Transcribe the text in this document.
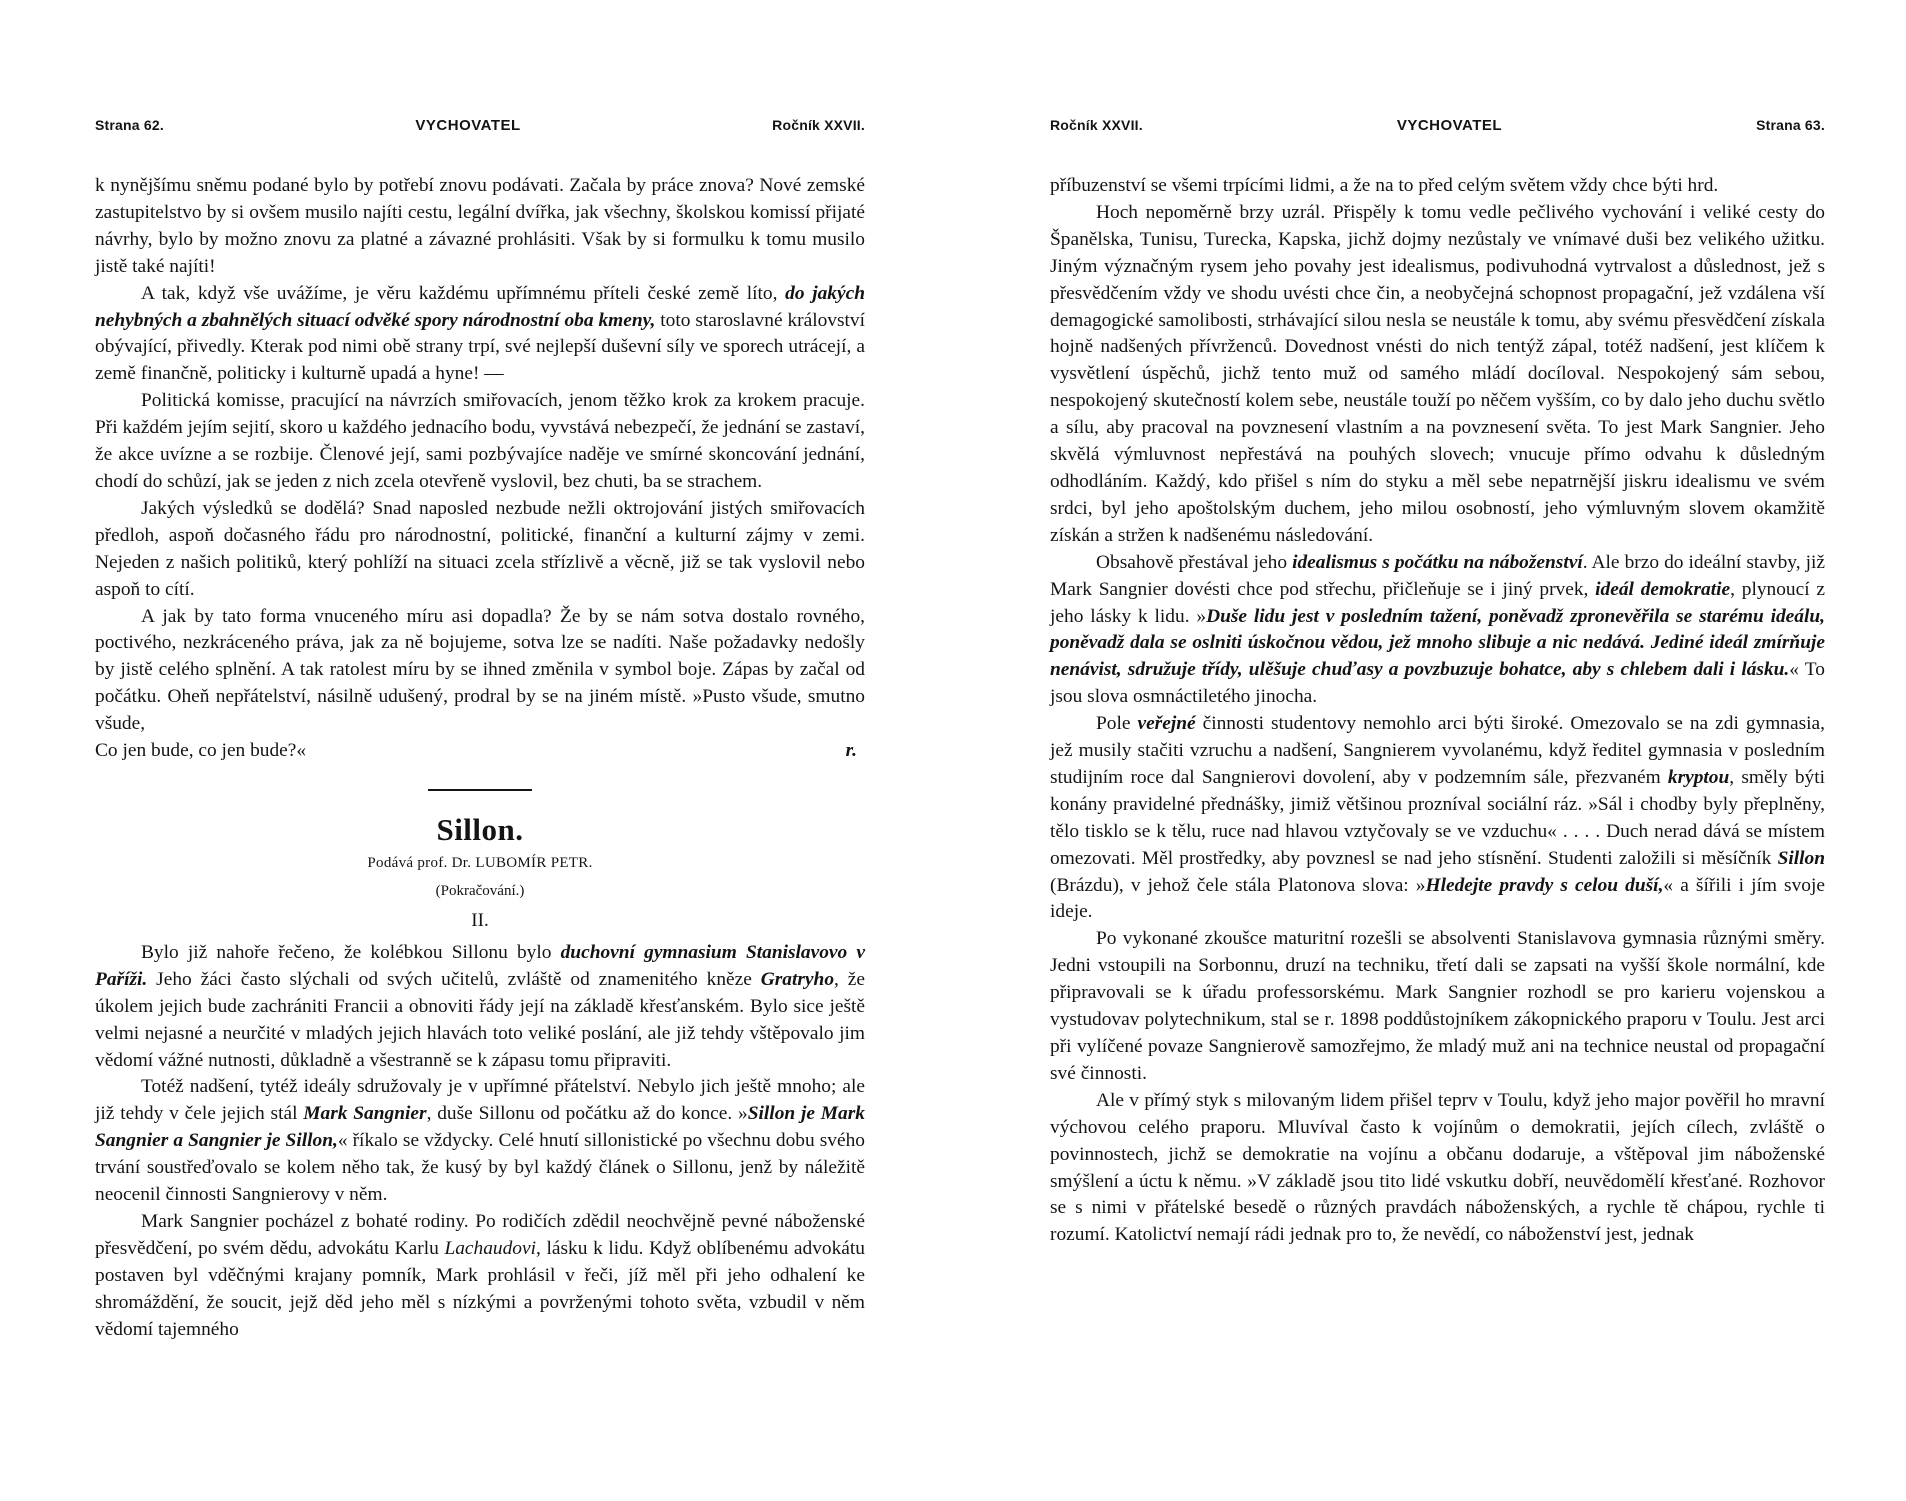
Strana 62.	VYCHOVATEL	Ročník XXVII.

k nynějšímu sněmu podané bylo by potřebí znovu podávati. Začala by práce znova? Nové zemské zastupitelstvo by si ovšem musilo najíti cestu, legální dvířka, jak všechny, školskou komissí přijaté návrhy, bylo by možno znovu za platné a závazné prohlásiti. Však by si formulku k tomu musilo jistě také najíti!

A tak, když vše uvážíme, je věru každému upřímnému příteli české země líto, do jakých nehybných a zbahnělých situací odvěké spory národnostní oba kmeny, toto staroslavné království obývající, přivedly. Kterak pod nimi obě strany trpí, své nejlepší duševní síly ve sporech utrácejí, a země finančně, politicky i kulturně upadá a hyne! —

Politická komisse, pracující na návrzích smiřovacích, jenom těžko krok za krokem pracuje. Při každém jejím sejití, skoro u každého jednacího bodu, vyvstává nebezpečí, že jednání se zastaví, že akce uvízne a se rozbije. Členové její, sami pozbývajíce naděje ve smírné skoncování jednání, chodí do schůzí, jak se jeden z nich zcela otevřeně vyslovil, bez chuti, ba se strachem.

Jakých výsledků se dodělá? Snad naposled nezbude nežli oktrojování jistých smiřovacích předloh, aspoň dočasného řádu pro národnostní, politické, finanční a kulturní zájmy v zemi. Nejeden z našich politiků, který pohlíží na situaci zcela střízlivě a věcně, již se tak vyslovil nebo aspoň to cítí.

A jak by tato forma vnuceného míru asi dopadla? Že by se nám sotva dostalo rovného, poctivého, nezkráceného práva, jak za ně bojujeme, sotva lze se nadíti. Naše požadavky nedošly by jistě celého splnění. A tak ratolest míru by se ihned změnila v symbol boje. Zápas by začal od počátku. Oheň nepřátelství, násilně udušený, prodral by se na jiném místě. »Pusto všude, smutno všude,

Co jen bude, co jen bude?«	r.

Sillon.
Podává prof. Dr. LUBOMÍR PETR.
(Pokračování.)
II.

Bylo již nahoře řečeno, že kolébkou Sillonu bylo duchovní gymnasium Stanislavovo v Paříži. Jeho žáci často slýchali od svých učitelů, zvláště od znamenitého kněze Gratryho, že úkolem jejich bude zachrániti Francii a obnoviti řády její na základě křesťanském. Bylo sice ještě velmi nejasné a neurčité v mladých jejich hlavách toto veliké poslání, ale již tehdy vštěpovalo jim vědomí vážné nutnosti, důkladně a všestranně se k zápasu tomu připraviti.

Totéž nadšení, tytéž ideály sdružovaly je v upřímné přátelství. Nebylo jich ještě mnoho; ale již tehdy v čele jejich stál Mark Sangnier, duše Sillonu od počátku až do konce. »Sillon je Mark Sangnier a Sangnier je Sillon,« říkalo se vždycky. Celé hnutí sillonistické po všechnu dobu svého trvání soustřeďovalo se kolem něho tak, že kusý by byl každý článek o Sillonu, jenž by náležitě neocenil činnosti Sangnierovy v něm.

Mark Sangnier pocházel z bohaté rodiny. Po rodičích zdědil neochvějně pevné náboženské přesvědčení, po svém dědu, advokátu Karlu Lachaudovi, lásku k lidu. Když oblíbenému advokátu postaven byl vděčnými krajany pomník, Mark prohlásil v řeči, jíž měl při jeho odhalení ke shromáždění, že soucit, jejž děd jeho měl s nízkými a povrženými tohoto světa, vzbudil v něm vědomí tajemného

Ročník XXVII.	VYCHOVATEL	Strana 63.

příbuzenství se všemi trpícími lidmi, a že na to před celým světem vždy chce býti hrd.

Hoch nepoměrně brzy uzrál. Přispěly k tomu vedle pečlivého vychování i veliké cesty do Španělska, Tunisu, Turecka, Kapska, jichž dojmy nezůstaly ve vnímavé duši bez velikého užitku. Jiným význačným rysem jeho povahy jest idealismus, podivuhodná vytrvalost a důslednost, jež s přesvědčením vždy ve shodu uvésti chce čin, a neobyčejná schopnost propagační, jež vzdálena vší demagogické samolibosti, strhávající silou nesla se neustále k tomu, aby svému přesvědčení získala hojně nadšených přívrženců. Dovednost vnésti do nich tentýž zápal, totéž nadšení, jest klíčem k vysvětlení úspěchů, jichž tento muž od samého mládí docíloval. Nespokojený sám sebou, nespokojený skutečností kolem sebe, neustále touží po něčem vyšším, co by dalo jeho duchu světlo a sílu, aby pracoval na povznesení vlastním a na povznesení světa. To jest Mark Sangnier. Jeho skvělá výmluvnost nepřestává na pouhých slovech; vnucuje přímo odvahu k důsledným odhodláním. Každý, kdo přišel s ním do styku a měl sebe nepatrnější jiskru idealismu ve svém srdci, byl jeho apoštolským duchem, jeho milou osobností, jeho výmluvným slovem okamžitě získán a stržen k nadšenému následování.

Obsahově přestával jeho idealismus s počátku na náboženství. Ale brzo do ideální stavby, již Mark Sangnier dovésti chce pod střechu, přičleňuje se i jiný prvek, ideál demokratie, plynoucí z jeho lásky k lidu. »Duše lidu jest v posledním tažení, poněvadž zpronevěřila se starému ideálu, poněvadž dala se oslniti úskočnou vědou, jež mnoho slibuje a nic nedává. Jediné ideál zmírňuje nenávist, sdružuje třídy, ulěšuje chuďasy a povzbuzuje bohatce, aby s chlebem dali i lásku.« To jsou slova osmnáctiletého jinocha.

Pole veřejné činnosti studentovy nemohlo arci býti široké. Omezovalo se na zdi gymnasia, jež musily stačiti vzruchu a nadšení, Sangnierem vyvolanému, když ředitel gymnasia v posledním studijním roce dal Sangnierovi dovolení, aby v podzemním sále, přezvaném kryptou, směly býti konány pravidelné přednášky, jimiž většinou proznívаl sociální ráz. »Sál i chodby byly přeplněny, tělo tisklo se k tělu, ruce nad hlavou vztyčovaly se ve vzduchu« . . . . Duch nerad dává se místem omezovati. Měl prostředky, aby povznesl se nad jeho stísnění. Studenti založili si měsíčník Sillon (Brázdu), v jehož čele stála Platonova slova: »Hledejte pravdy s celou duší,« a šířili i jím svoje ideje.

Po vykonané zkoušce maturitní rozešli se absolventi Stanislavova gymnasia různými směry. Jedni vstoupili na Sorbonnu, druzí na techniku, třetí dali se zapsati na vyšší škole normální, kde připravovali se k úřadu professorskému. Mark Sangnier rozhodl se pro karieru vojenskou a vystudovav polytechnikum, stal se r. 1898 poddůstojníkem zákopnického praporu v Toulu. Jest arci při vylíčené povaze Sangnierově samozřejmo, že mladý muž ani na technice neustal od propagační své činnosti.

Ale v přímý styk s milovaným lidem přišel teprv v Toulu, když jeho major pověřil ho mravní výchovou celého praporu. Mluvíval často k vojínům o demokratii, jejích cílech, zvláště o povinnostech, jichž se demokratie na vojínu a občanu dodaruje, a vštěpoval jim náboženské smýšlení a úctu k němu. »V základě jsou tito lidé vskutku dobří, neuvědomělí křesťané. Rozhovor se s nimi v přátelské besedě o různých pravdách náboženských, a rychle tě chápou, rychle ti rozumí. Katolictví nemají rádi jednak pro to, že nevědí, co náboženství jest, jednak
